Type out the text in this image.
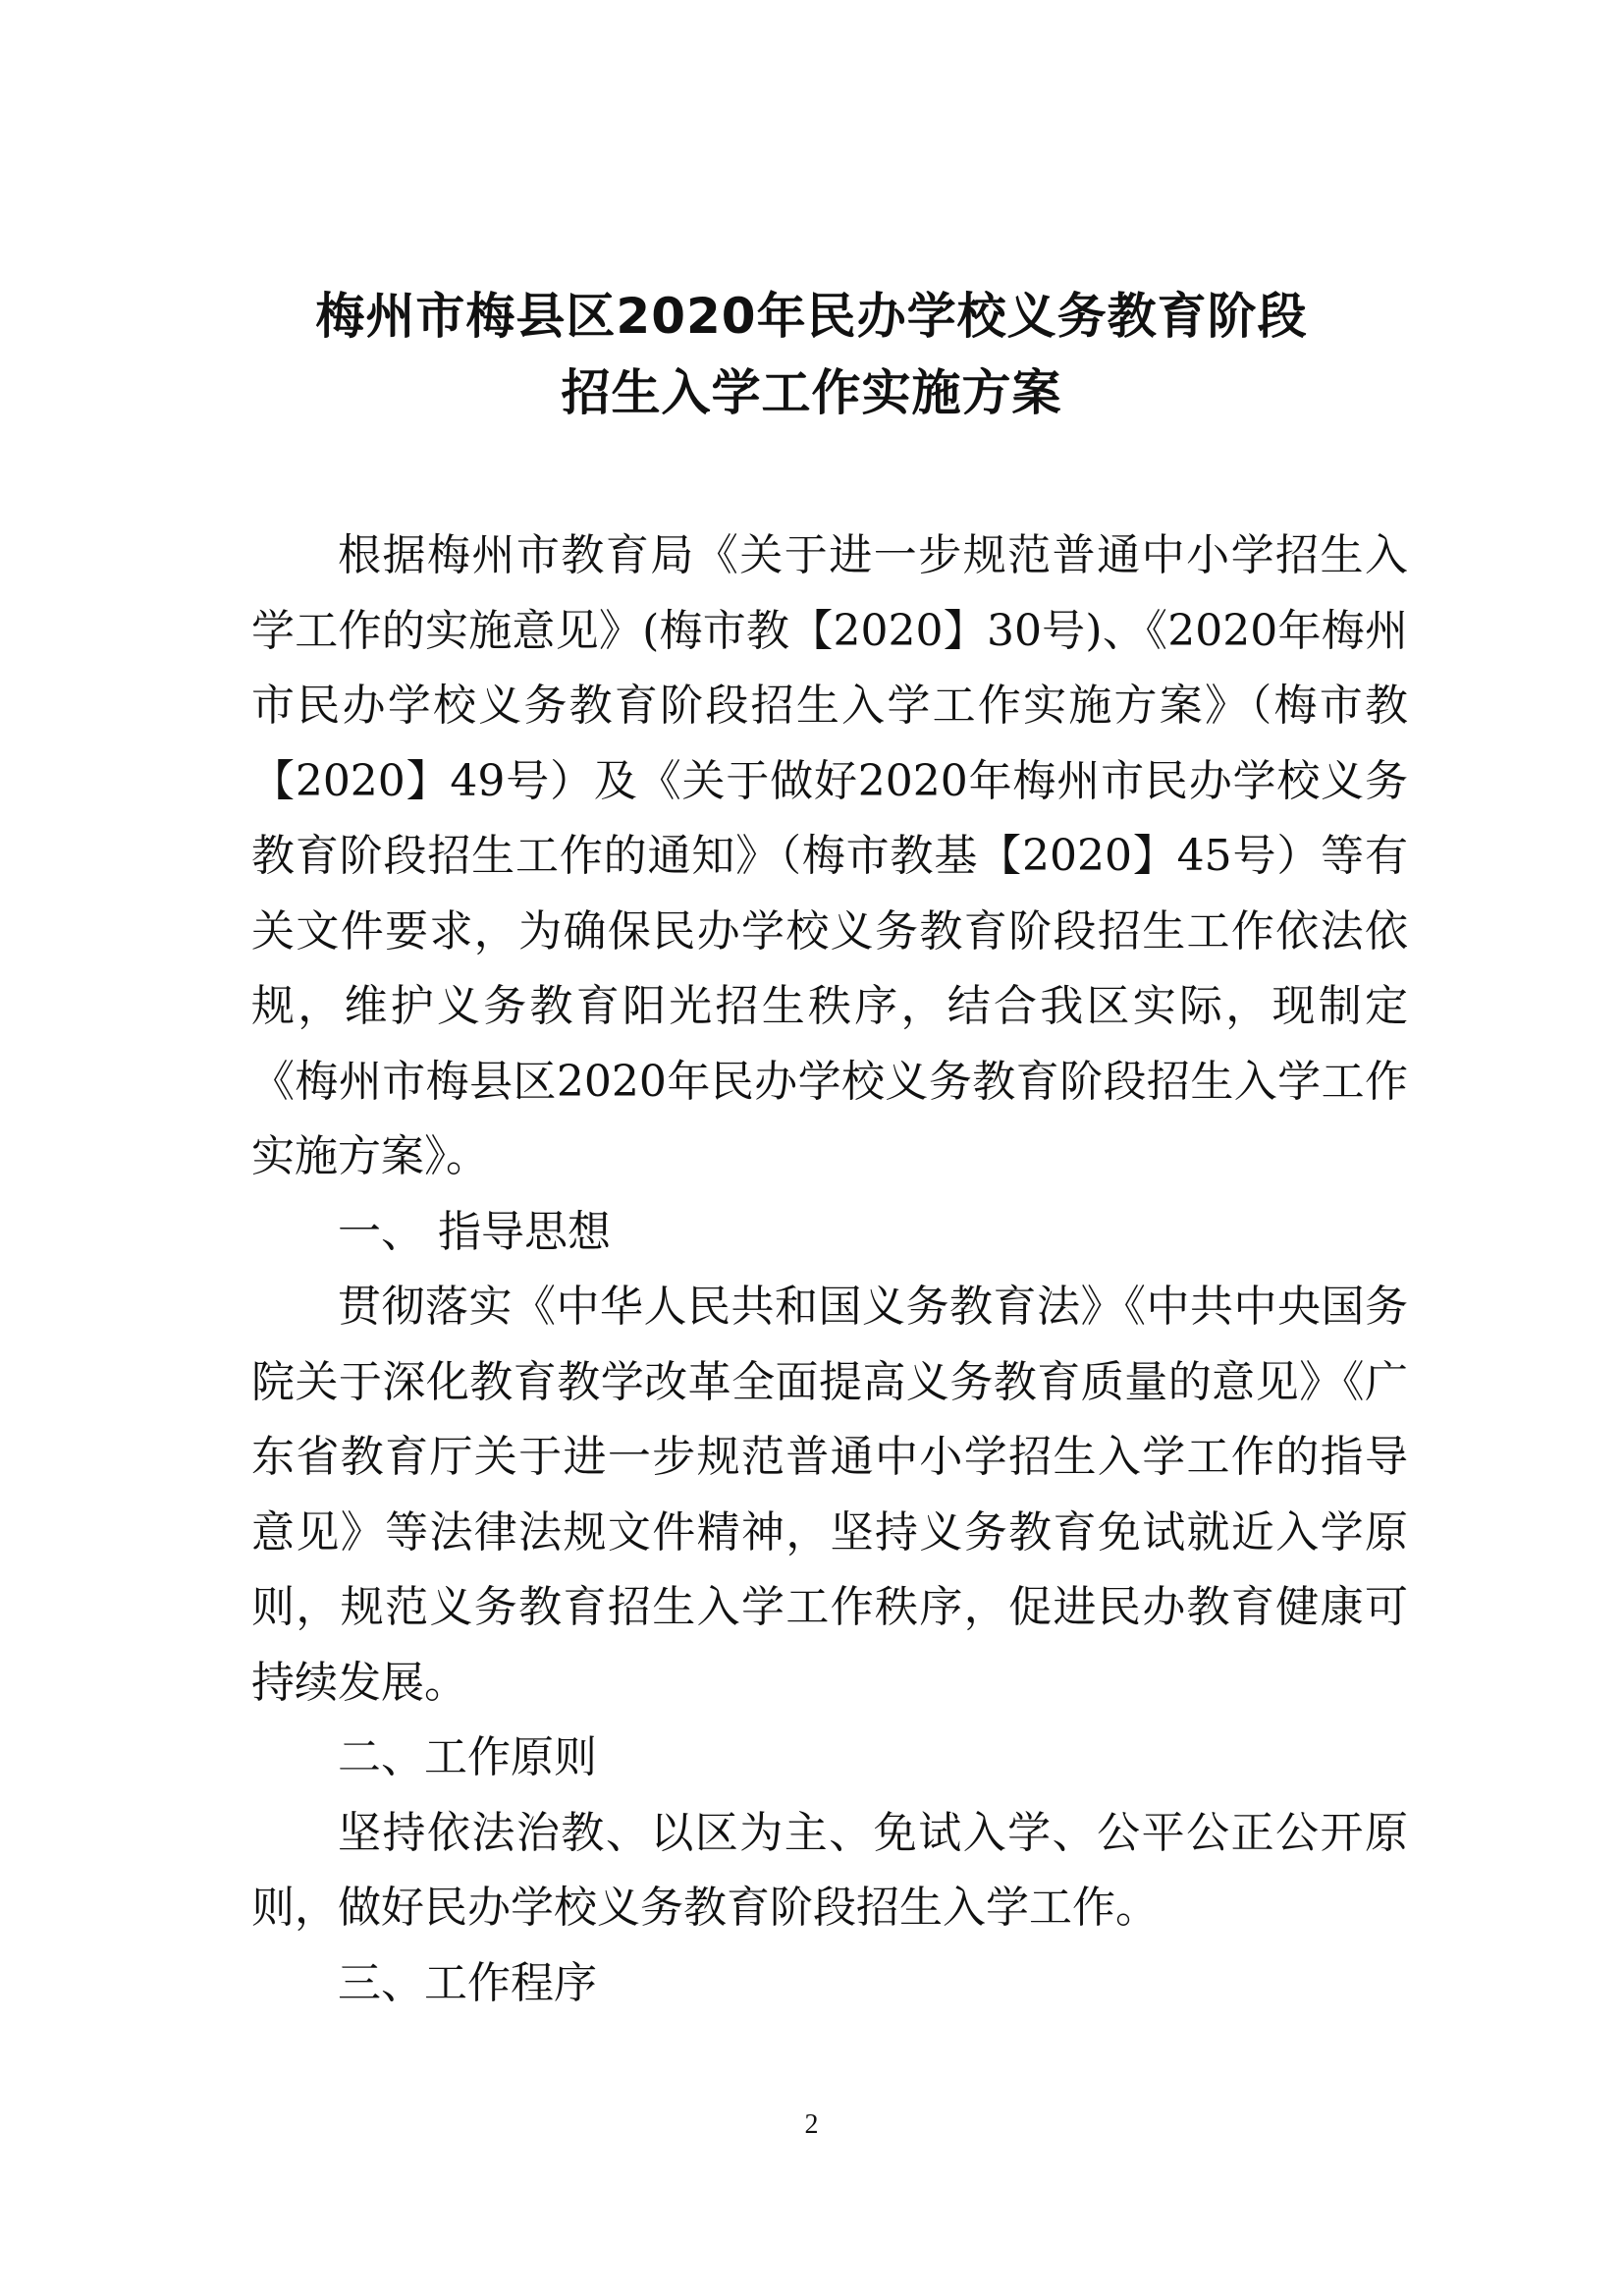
梅州市梅县区2020年民办学校义务教育阶段
招生入学工作实施方案

根据梅州市教育局《关于进一步规范普通中小学招生入学工作的实施意见》(梅市教【2020】30号)、《2020年梅州市民办学校义务教育阶段招生入学工作实施方案》（梅市教【2020】49号）及《关于做好2020年梅州市民办学校义务教育阶段招生工作的通知》（梅市教基【2020】45号）等有关文件要求，为确保民办学校义务教育阶段招生工作依法依规，维护义务教育阳光招生秩序，结合我区实际，现制定《梅州市梅县区2020年民办学校义务教育阶段招生入学工作实施方案》。

一、 指导思想

贯彻落实《中华人民共和国义务教育法》《中共中央国务院关于深化教育教学改革全面提高义务教育质量的意见》《广东省教育厅关于进一步规范普通中小学招生入学工作的指导意见》等法律法规文件精神，坚持义务教育免试就近入学原则，规范义务教育招生入学工作秩序，促进民办教育健康可持续发展。

二、工作原则

坚持依法治教、以区为主、免试入学、公平公正公开原则，做好民办学校义务教育阶段招生入学工作。

三、工作程序

2
